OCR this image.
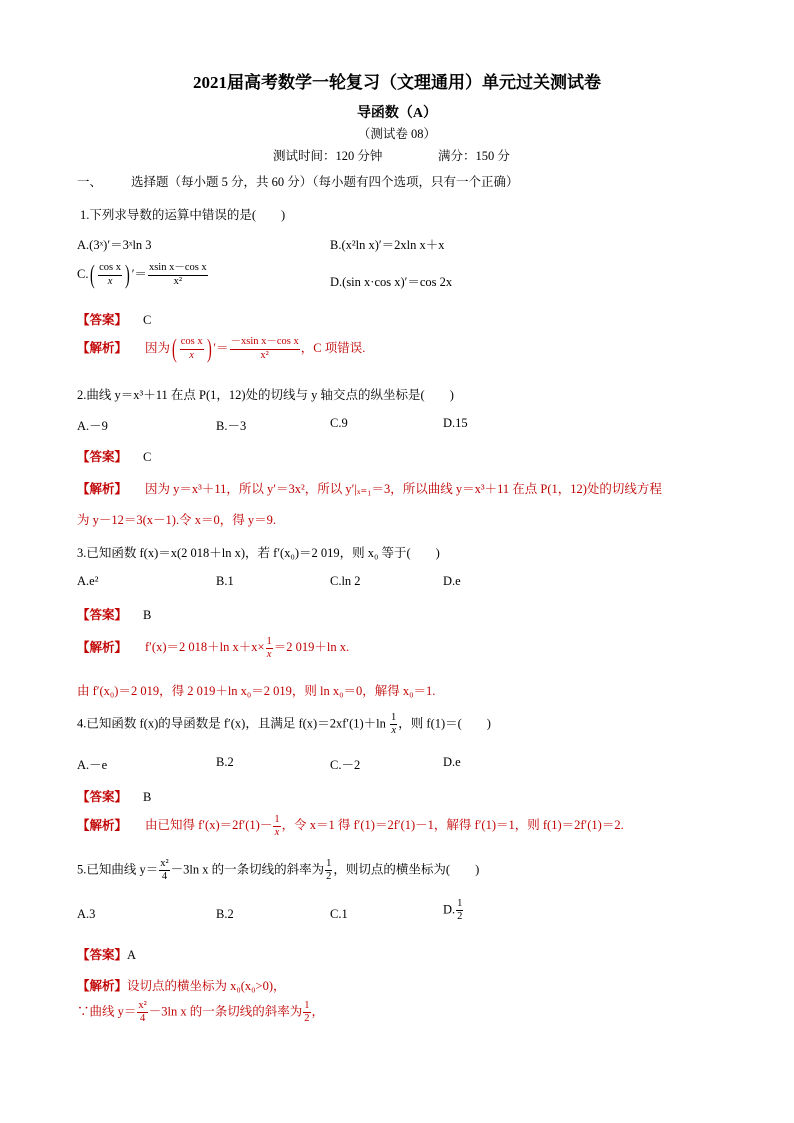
2021届高考数学一轮复习（文理通用）单元过关测试卷
导函数（A）
（测试卷 08）
测试时间：120 分钟	满分：150 分
一、 选择题（每小题 5 分，共 60 分）（每小题有四个选项，只有一个正确）
1.下列求导数的运算中错误的是(　　)
A.(3ˣ)′＝3ˣln 3	B.(x²ln x)′＝2xln x＋x
$C.( \frac{\text{cos x}}{x}$ ) ′＝ $\frac{\text{xsin x－cos x}}{\text{x²}}$	D.(sin x·cos x)′＝cos 2x
【答案】 C
【解析】 因为( $\frac{\text{cos x}}{x}$ ) ′＝ $\frac{\text{－xsin x－cos x}}{\text{x²}}$ ，C 项错误.
2.曲线 y＝x³＋11 在点 P(1，12)处的切线与 y 轴交点的纵坐标是(　　)
A.－9	B.－3	C.9	D.15
【答案】 C
【解析】 因为 y＝x³＋11，所以 y′＝3x²，所以 y′|ₓ₌₁＝3，所以曲线 y＝x³＋11 在点 P(1，12)处的切线方程
为 y－12＝3(x－1).令 x＝0，得 y＝9.
3.已知函数 f(x)＝x(2 018＋ln x)，若 f′(x₀)＝2 019，则 x₀ 等于(　　)
A.e²	B.1	C.ln 2	D.e
【答案】 B
【解析】 f′(x)＝2 018＋ln $x+x\times \frac{1}{x} =2$ 019＋ln x.
由 f′(x₀)＝2 019，得 2 019＋ln x₀＝2 019，则 ln x₀＝0，解得 x₀＝1.
4.已知函数 f(x)的导函数是 f′(x)，且满足 $f(x)=2xf'(1)+\ln \frac{1}{x}$ ，则 f(1)＝(　　)
A.－e	B.2	C.－2	D.e
【答案】 B
【解析】 由已知得 $f'(x)=2f'(1)- \frac{1}{x}$ ，令 x＝1 得 f′(1)＝2f′(1)－1，解得 f′(1)＝1，则 f(1)＝2f′(1)＝2.
5.已知曲线 $y= \frac{\text{x²}}{4} -3\ln$ x 的一条切线的斜率为 $\frac{1}{2}$ ，则切点的横坐标为(　　)
A.3	B.2	C.1	D. $\frac{1}{2}$
【答案】A
【解析】设切点的横坐标为 x₀(x₀>0)，
∵曲线 $y= \frac{\text{x²}}{4} -3\ln$ x 的一条切线的斜率为 $\frac{1}{2}$ ，
